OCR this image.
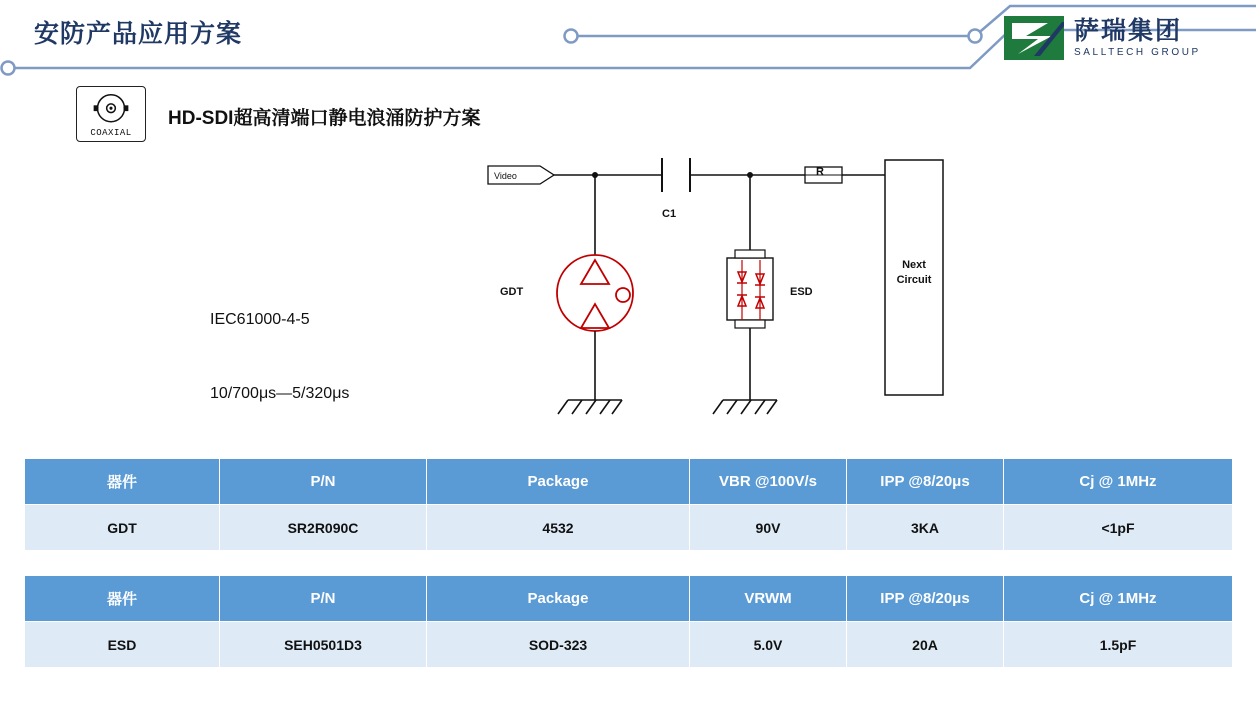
安防产品应用方案	萨瑞集团
SALLTECH GROUP
COAXIAL
HD-SDI超高清端口静电浪涌防护方案

IEC61000-4-5

10/700μs—5/320μs

Video
C1
R
GDT	ESD
Next
Circuit
器件	P/N	Package	VBR @100V/s	IPP @8/20μs	Cj @ 1MHz
GDT	SR2R090C	4532	90V	3KA	<1pF
器件	P/N	Package	VRWM	IPP @8/20μs	Cj @ 1MHz
ESD	SEH0501D3	SOD-323	5.0V	20A	1.5pF
